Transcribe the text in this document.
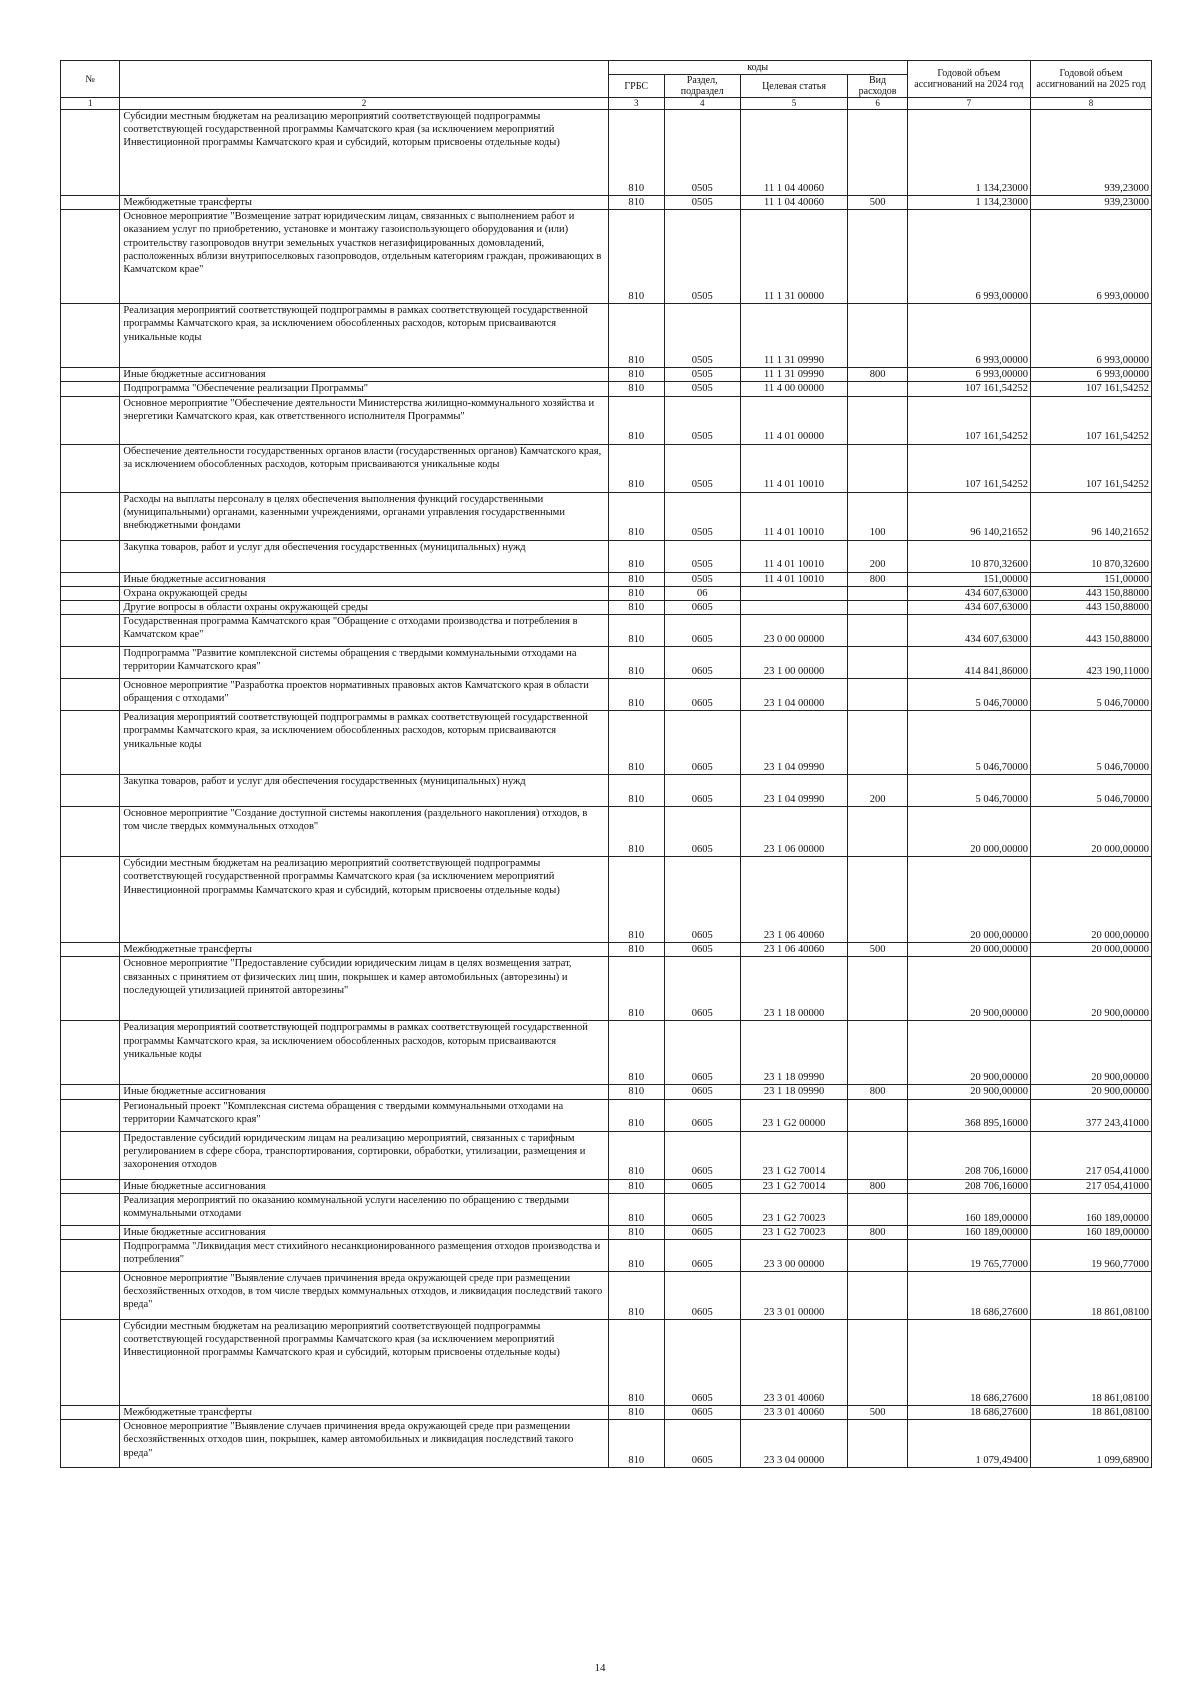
№		коды				Годовой объем ассигнований на 2024 год	Годовой объем ассигнований на 2025 год
		ГРБС	Раздел, подраздел	Целевая статья	Вид расходов		
1	2	3	4	5	6	7	8
	Субсидии местным бюджетам на реализацию мероприятий соответствующей подпрограммы соответствующей государственной программы Камчатского края (за исключением мероприятий Инвестиционной программы Камчатского края и субсидий, которым присвоены отдельные коды)	810	0505	11 1 04 40060		1 134,23000	939,23000
	Межбюджетные трансферты	810	0505	11 1 04 40060	500	1 134,23000	939,23000
	Основное мероприятие "Возмещение затрат юридическим лицам, связанных с выполнением работ и оказанием услуг по приобретению, установке и монтажу газоиспользующего оборудования и (или) строительству газопроводов внутри земельных участков негазифицированных домовладений, расположенных вблизи внутрипоселковых газопроводов, отдельным категориям граждан, проживающих в Камчатском крае"	810	0505	11 1 31 00000		6 993,00000	6 993,00000
	Реализация мероприятий соответствующей подпрограммы в рамках соответствующей государственной программы Камчатского края, за исключением обособленных расходов, которым присваиваются уникальные коды	810	0505	11 1 31 09990		6 993,00000	6 993,00000
	Иные бюджетные ассигнования	810	0505	11 1 31 09990	800	6 993,00000	6 993,00000
	Подпрограмма "Обеспечение реализации Программы"	810	0505	11 4 00 00000		107 161,54252	107 161,54252
	Основное мероприятие "Обеспечение деятельности Министерства жилищно-коммунального хозяйства и энергетики Камчатского края, как ответственного исполнителя Программы"	810	0505	11 4 01 00000		107 161,54252	107 161,54252
	Обеспечение деятельности государственных органов власти (государственных органов) Камчатского края, за исключением обособленных расходов, которым присваиваются уникальные коды	810	0505	11 4 01 10010		107 161,54252	107 161,54252
	Расходы на выплаты персоналу в целях обеспечения выполнения функций государственными (муниципальными) органами, казенными учреждениями, органами управления государственными внебюджетными фондами	810	0505	11 4 01 10010	100	96 140,21652	96 140,21652
	Закупка товаров, работ и услуг для обеспечения государственных (муниципальных) нужд	810	0505	11 4 01 10010	200	10 870,32600	10 870,32600
	Иные бюджетные ассигнования	810	0505	11 4 01 10010	800	151,00000	151,00000
	Охрана окружающей среды	810	06			434 607,63000	443 150,88000
	Другие вопросы в области охраны окружающей среды	810	0605			434 607,63000	443 150,88000
	Государственная программа Камчатского края "Обращение с отходами производства и потребления в Камчатском крае"	810	0605	23 0 00 00000		434 607,63000	443 150,88000
	Подпрограмма "Развитие комплексной системы обращения с твердыми коммунальными отходами на территории Камчатского края"	810	0605	23 1 00 00000		414 841,86000	423 190,11000
	Основное мероприятие "Разработка проектов нормативных правовых актов Камчатского края в области обращения с отходами"	810	0605	23 1 04 00000		5 046,70000	5 046,70000
	Реализация мероприятий соответствующей подпрограммы в рамках соответствующей государственной программы Камчатского края, за исключением обособленных расходов, которым присваиваются уникальные коды	810	0605	23 1 04 09990		5 046,70000	5 046,70000
	Закупка товаров, работ и услуг для обеспечения государственных (муниципальных) нужд	810	0605	23 1 04 09990	200	5 046,70000	5 046,70000
	Основное мероприятие "Создание доступной системы накопления (раздельного накопления) отходов, в том числе твердых коммунальных отходов"	810	0605	23 1 06 00000		20 000,00000	20 000,00000
	Субсидии местным бюджетам на реализацию мероприятий соответствующей подпрограммы соответствующей государственной программы Камчатского края (за исключением мероприятий Инвестиционной программы Камчатского края и субсидий, которым присвоены отдельные коды)	810	0605	23 1 06 40060		20 000,00000	20 000,00000
	Межбюджетные трансферты	810	0605	23 1 06 40060	500	20 000,00000	20 000,00000
	Основное мероприятие "Предоставление субсидии юридическим лицам в целях возмещения затрат, связанных с принятием от физических лиц шин, покрышек и камер автомобильных (авторезины) и последующей утилизацией принятой авторезины"	810	0605	23 1 18 00000		20 900,00000	20 900,00000
	Реализация мероприятий соответствующей подпрограммы в рамках соответствующей государственной программы Камчатского края, за исключением обособленных расходов, которым присваиваются уникальные коды	810	0605	23 1 18 09990		20 900,00000	20 900,00000
	Иные бюджетные ассигнования	810	0605	23 1 18 09990	800	20 900,00000	20 900,00000
	Региональный проект "Комплексная система обращения с твердыми коммунальными отходами на территории Камчатского края"	810	0605	23 1 G2 00000		368 895,16000	377 243,41000
	Предоставление субсидий юридическим лицам на реализацию мероприятий, связанных с тарифным регулированием в сфере сбора, транспортирования, сортировки, обработки, утилизации, размещения и захоронения отходов	810	0605	23 1 G2 70014		208 706,16000	217 054,41000
	Иные бюджетные ассигнования	810	0605	23 1 G2 70014	800	208 706,16000	217 054,41000
	Реализация мероприятий по оказанию коммунальной услуги населению по обращению с твердыми коммунальными отходами	810	0605	23 1 G2 70023		160 189,00000	160 189,00000
	Иные бюджетные ассигнования	810	0605	23 1 G2 70023	800	160 189,00000	160 189,00000
	Подпрограмма "Ликвидация мест стихийного несанкционированного размещения отходов производства и потребления"	810	0605	23 3 00 00000		19 765,77000	19 960,77000
	Основное мероприятие "Выявление случаев причинения вреда окружающей среде при размещении бесхозяйственных отходов, в том числе твердых коммунальных отходов, и ликвидация последствий такого вреда"	810	0605	23 3 01 00000		18 686,27600	18 861,08100
	Субсидии местным бюджетам на реализацию мероприятий соответствующей подпрограммы соответствующей государственной программы Камчатского края (за исключением мероприятий Инвестиционной программы Камчатского края и субсидий, которым присвоены отдельные коды)	810	0605	23 3 01 40060		18 686,27600	18 861,08100
	Межбюджетные трансферты	810	0605	23 3 01 40060	500	18 686,27600	18 861,08100
	Основное мероприятие "Выявление случаев причинения вреда окружающей среде при размещении бесхозяйственных отходов шин, покрышек, камер автомобильных и ликвидация последствий такого вреда"	810	0605	23 3 04 00000		1 079,49400	1 099,68900
14
